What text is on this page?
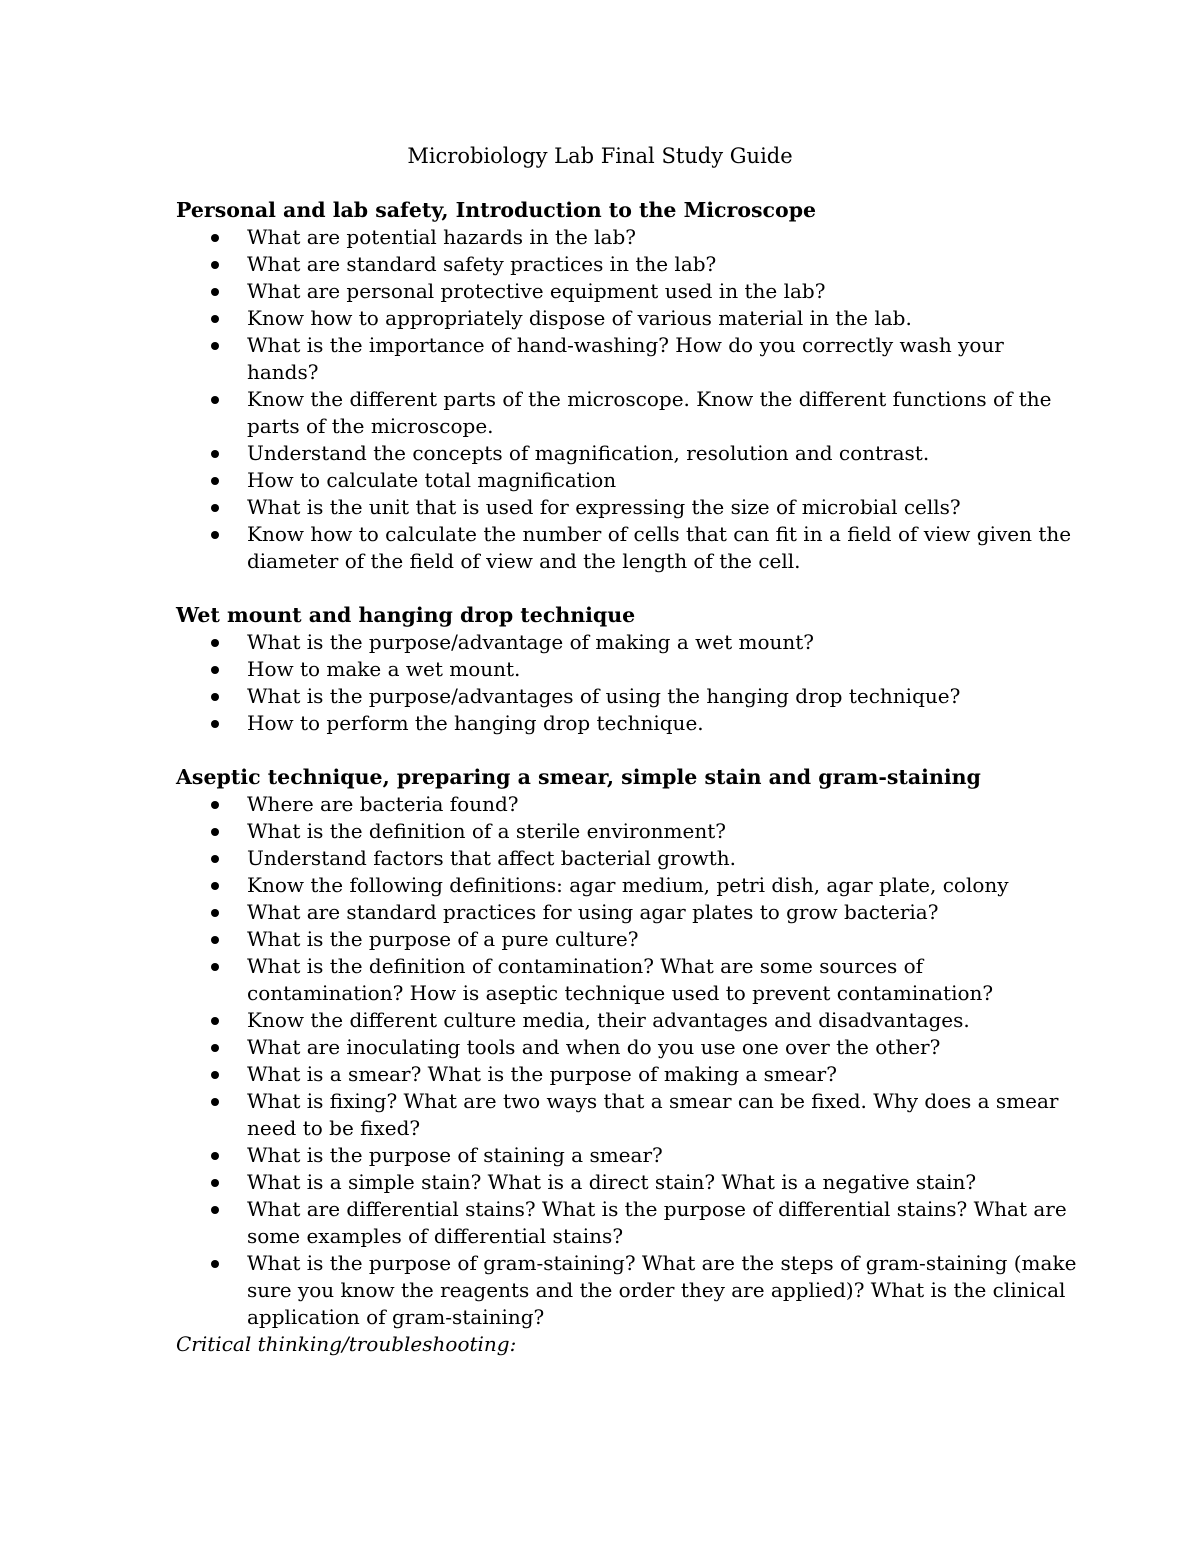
Microbiology Lab Final Study Guide
Personal and lab safety, Introduction to the Microscope
What are potential hazards in the lab?
What are standard safety practices in the lab?
What are personal protective equipment used in the lab?
Know how to appropriately dispose of various material in the lab.
What is the importance of hand-washing? How do you correctly wash your
hands?
Know the different parts of the microscope. Know the different functions of the
parts of the microscope.
Understand the concepts of magnification, resolution and contrast.
How to calculate total magnification
What is the unit that is used for expressing the size of microbial cells?
Know how to calculate the number of cells that can fit in a field of view given the
diameter of the field of view and the length of the cell.
Wet mount and hanging drop technique
What is the purpose/advantage of making a wet mount?
How to make a wet mount.
What is the purpose/advantages of using the hanging drop technique?
How to perform the hanging drop technique.
Aseptic technique, preparing a smear, simple stain and gram-staining
Where are bacteria found?
What is the definition of a sterile environment?
Understand factors that affect bacterial growth.
Know the following definitions: agar medium, petri dish, agar plate, colony
What are standard practices for using agar plates to grow bacteria?
What is the purpose of a pure culture?
What is the definition of contamination? What are some sources of
contamination? How is aseptic technique used to prevent contamination?
Know the different culture media, their advantages and disadvantages.
What are inoculating tools and when do you use one over the other?
What is a smear? What is the purpose of making a smear?
What is fixing? What are two ways that a smear can be fixed. Why does a smear
need to be fixed?
What is the purpose of staining a smear?
What is a simple stain? What is a direct stain? What is a negative stain?
What are differential stains? What is the purpose of differential stains? What are
some examples of differential stains?
What is the purpose of gram-staining? What are the steps of gram-staining (make
sure you know the reagents and the order they are applied)? What is the clinical
application of gram-staining?
Critical thinking/troubleshooting:
